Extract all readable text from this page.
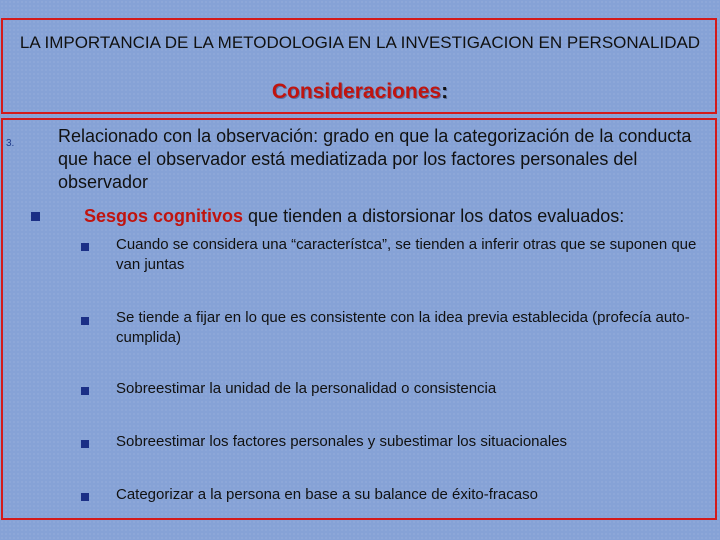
LA IMPORTANCIA DE LA METODOLOGIA EN LA INVESTIGACION EN PERSONALIDAD
Consideraciones:
3. Relacionado con la observación: grado en que la categorización de la conducta que hace el observador está mediatizada por los factores personales del observador
Sesgos cognitivos que tienden a distorsionar los datos evaluados:
Cuando se considera una “característca”, se tienden a inferir otras que se suponen que van juntas
Se tiende a fijar en lo que es consistente con la idea previa establecida (profecía auto-cumplida)
Sobreestimar la unidad de la personalidad o consistencia
Sobreestimar los factores personales y subestimar los situacionales
Categorizar a la persona en base a su balance de éxito-fracaso
